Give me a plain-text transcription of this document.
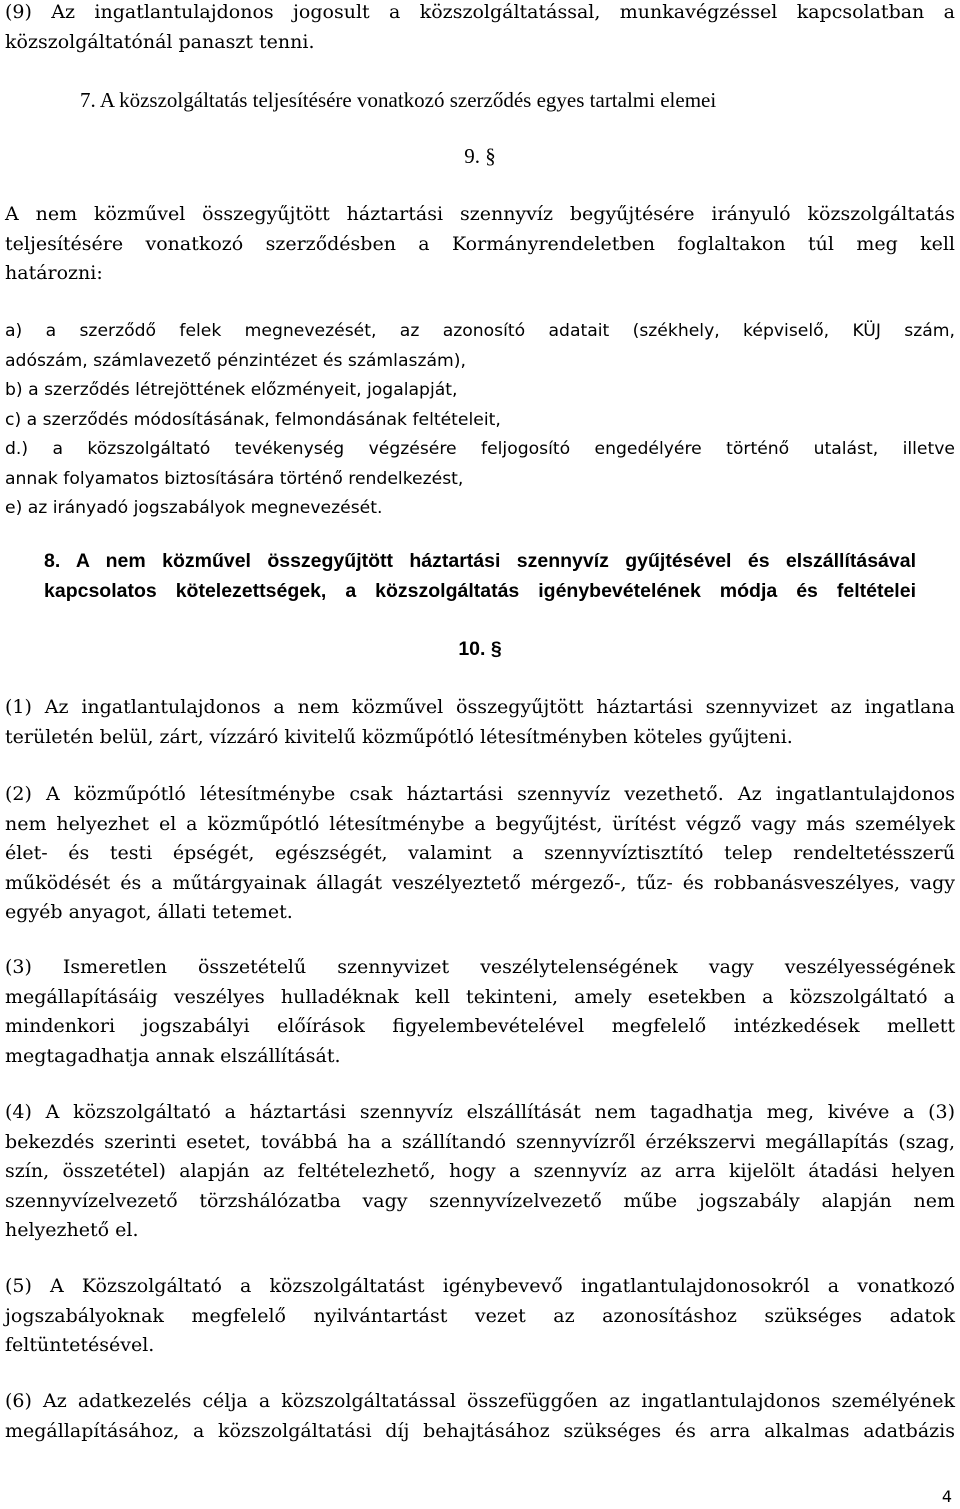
(9) Az ingatlantulajdonos jogosult a közszolgáltatással, munkavégzéssel kapcsolatban a
közszolgáltatónál panaszt tenni.
7. A közszolgáltatás teljesítésére vonatkozó szerződés egyes tartalmi elemei
9. §
A nem közművel összegyűjtött háztartási szennyvíz begyűjtésére irányuló közszolgáltatás
teljesítésére vonatkozó szerződésben a Kormányrendeletben foglaltakon túl meg kell
határozni:
a) a szerződő felek megnevezését, az azonosító adatait (székhely, képviselő, KÜJ szám,
adószám, számlavezető pénzintézet és számlaszám),
b) a szerződés létrejöttének előzményeit, jogalapját,
c) a szerződés módosításának, felmondásának feltételeit,
d.) a közszolgáltató tevékenység végzésére feljogosító engedélyére történő utalást, illetve
annak folyamatos biztosítására történő rendelkezést,
e) az irányadó jogszabályok megnevezését.
8. A nem közművel összegyűjtött háztartási szennyvíz gyűjtésével és elszállításával
kapcsolatos kötelezettségek, a közszolgáltatás igénybevételének módja és feltételei
10. §
(1) Az ingatlantulajdonos a nem közművel összegyűjtött háztartási szennyvizet az ingatlana
területén belül, zárt, vízzáró kivitelű közműpótló létesítményben köteles gyűjteni.
(2) A közműpótló létesítménybe csak háztartási szennyvíz vezethető. Az ingatlantulajdonos
nem helyezhet el a közműpótló létesítménybe a begyűjtést, ürítést végző vagy más személyek
élet- és testi épségét, egészségét, valamint a szennyvíztisztító telep rendeltetésszerű
működését és a műtárgyainak állagát veszélyeztető mérgező-, tűz- és robbanásveszélyes, vagy
egyéb anyagot, állati tetemet.
(3) Ismeretlen összetételű szennyvizet veszélytelenségének vagy veszélyességének
megállapításáig veszélyes hulladéknak kell tekinteni, amely esetekben a közszolgáltató a
mindenkori jogszabályi előírások figyelembevételével megfelelő intézkedések mellett
megtagadhatja annak elszállítását.
(4) A közszolgáltató a háztartási szennyvíz elszállítását nem tagadhatja meg, kivéve a (3)
bekezdés szerinti esetet, továbbá ha a szállítandó szennyvízről érzékszervi megállapítás (szag,
szín, összetétel) alapján az feltételezhető, hogy a szennyvíz az arra kijelölt átadási helyen
szennyvízelvezető törzshálózatba vagy szennyvízelvezető műbe jogszabály alapján nem
helyezhető el.
(5) A Közszolgáltató a közszolgáltatást igénybevevő ingatlantulajdonosokról a vonatkozó
jogszabályoknak megfelelő nyilvántartást vezet az azonosításhoz szükséges adatok
feltüntetésével.
(6) Az adatkezelés célja a közszolgáltatással összefüggően az ingatlantulajdonos személyének
megállapításához, a közszolgáltatási díj behajtásához szükséges és arra alkalmas adatbázis
4
